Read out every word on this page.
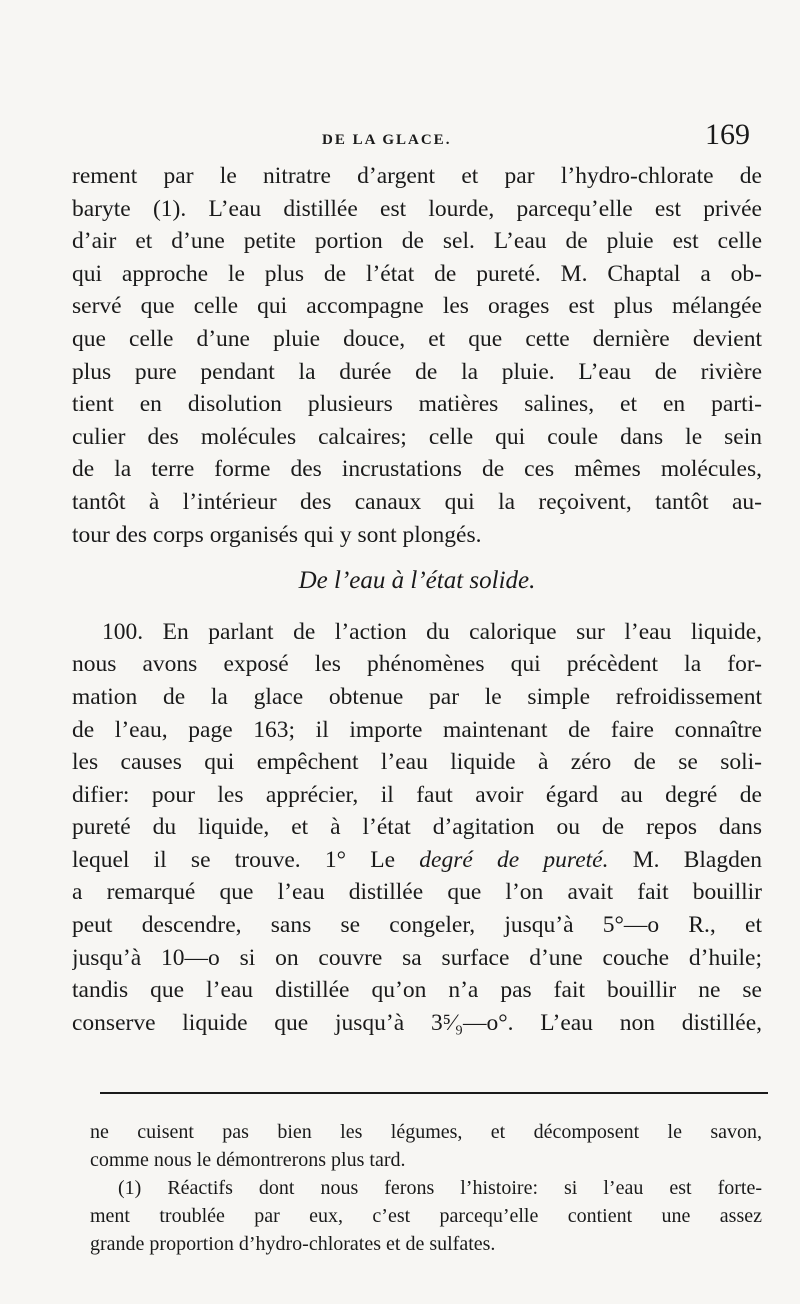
DE LA GLACE.	169
rement par le nitratre d’argent et par l’hydro-chlorate de
baryte (1). L’eau distillée est lourde, parcequ’elle est privée
d’air et d’une petite portion de sel. L’eau de pluie est celle
qui approche le plus de l’état de pureté. M. Chaptal a ob-
servé que celle qui accompagne les orages est plus mélangée
que celle d’une pluie douce, et que cette dernière devient
plus pure pendant la durée de la pluie. L’eau de rivière
tient en disolution plusieurs matières salines, et en parti-
culier des molécules calcaires; celle qui coule dans le sein
de la terre forme des incrustations de ces mêmes molécules,
tantôt à l’intérieur des canaux qui la reçoivent, tantôt au-
tour des corps organisés qui y sont plongés.
De l’eau à l’état solide.
100. En parlant de l’action du calorique sur l’eau liquide,
nous avons exposé les phénomènes qui précèdent la for-
mation de la glace obtenue par le simple refroidissement
de l’eau, page 163; il importe maintenant de faire connaître
les causes qui empêchent l’eau liquide à zéro de se soli-
difier: pour les apprécier, il faut avoir égard au degré de
pureté du liquide, et à l’état d’agitation ou de repos dans
lequel il se trouve. 1° Le degré de pureté. M. Blagden
a remarqué que l’eau distillée que l’on avait fait bouillir
peut descendre, sans se congeler, jusqu’à 5°—o R., et
jusqu’à 10—o si on couvre sa surface d’une couche d’huile;
tandis que l’eau distillée qu’on n’a pas fait bouillir ne se
conserve liquide que jusqu’à 3⁵⁄₉—o°. L’eau non distillée,
ne cuisent pas bien les légumes, et décomposent le savon,
comme nous le démontrerons plus tard.
(1) Réactifs dont nous ferons l’histoire: si l’eau est forte-
ment troublée par eux, c’est parcequ’elle contient une assez
grande proportion d’hydro-chlorates et de sulfates.
